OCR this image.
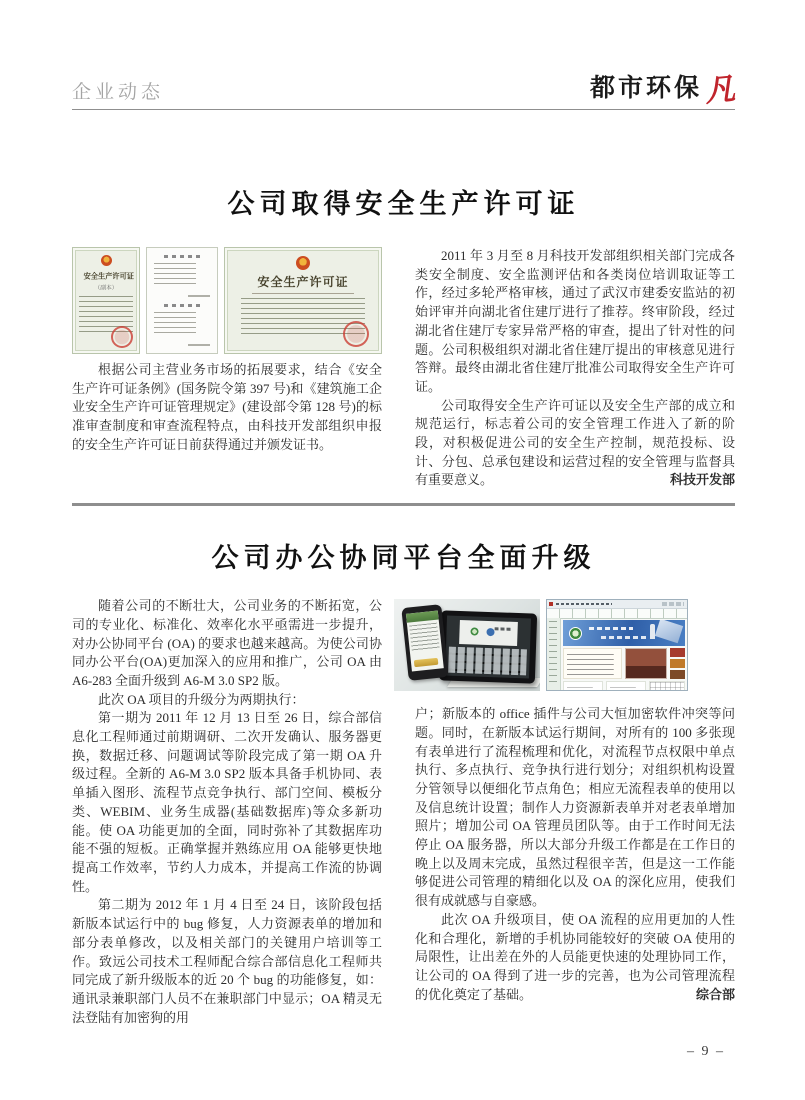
企业动态	都市环保 凡
公司取得安全生产许可证
安全生产许可证
（副本）	安全生产许可证

根据公司主营业务市场的拓展要求，结合《安全生产许可证条例》(国务院令第 397 号)和《建筑施工企业安全生产许可证管理规定》(建设部令第 128 号)的标准审查制度和审查流程特点，由科技开发部组织申报的安全生产许可证日前获得通过并颁发证书。

2011 年 3 月至 8 月科技开发部组织相关部门完成各类安全制度、安全监测评估和各类岗位培训取证等工作，经过多轮严格审核，通过了武汉市建委安监站的初始评审并向湖北省住建厅进行了推荐。终审阶段，经过湖北省住建厅专家异常严格的审查，提出了针对性的问题。公司积极组织对湖北省住建厅提出的审核意见进行答辩。最终由湖北省住建厅批准公司取得安全生产许可证。

公司取得安全生产许可证以及安全生产部的成立和规范运行，标志着公司的安全管理工作进入了新的阶段，对积极促进公司的安全生产控制，规范投标、设计、分包、总承包建设和运营过程的安全管理与监督具有重要意义。	科技开发部

公司办公协同平台全面升级

随着公司的不断壮大，公司业务的不断拓宽，公司的专业化、标准化、效率化水平亟需进一步提升，对办公协同平台 (OA) 的要求也越来越高。为使公司协同办公平台(OA)更加深入的应用和推广，公司 OA 由 A6-283 全面升级到 A6-M 3.0 SP2 版。

此次 OA 项目的升级分为两期执行：

第一期为 2011 年 12 月 13 日至 26 日，综合部信息化工程师通过前期调研、二次开发确认、服务器更换，数据迁移、问题调试等阶段完成了第一期 OA 升级过程。全新的 A6-M 3.0 SP2 版本具备手机协同、表单插入图形、流程节点竞争执行、部门空间、模板分类、WEBIM、业务生成器(基础数据库)等众多新功能。使 OA 功能更加的全面，同时弥补了其数据库功能不强的短板。正确掌握并熟练应用 OA 能够更快地提高工作效率，节约人力成本，并提高工作流的协调性。

第二期为 2012 年 1 月 4 日至 24 日，该阶段包括新版本试运行中的 bug 修复，人力资源表单的增加和部分表单修改，以及相关部门的关键用户培训等工作。致远公司技术工程师配合综合部信息化工程师共同完成了新升级版本的近 20 个 bug 的功能修复，如：通讯录兼职部门人员不在兼职部门中显示；OA 精灵无法登陆有加密狗的用

户；新版本的 office 插件与公司大恒加密软件冲突等问题。同时，在新版本试运行期间，对所有的 100 多张现有表单进行了流程梳理和优化，对流程节点权限中单点执行、多点执行、竞争执行进行划分；对组织机构设置分管领导以便细化节点角色；相应无流程表单的使用以及信息统计设置；制作人力资源新表单并对老表单增加照片；增加公司 OA 管理员团队等。由于工作时间无法停止 OA 服务器，所以大部分升级工作都是在工作日的晚上以及周末完成，虽然过程很辛苦，但是这一工作能够促进公司管理的精细化以及 OA 的深化应用，使我们很有成就感与自豪感。

此次 OA 升级项目，使 OA 流程的应用更加的人性化和合理化，新增的手机协同能较好的突破 OA 使用的局限性，让出差在外的人员能更快速的处理协同工作，让公司的 OA 得到了进一步的完善，也为公司管理流程的优化奠定了基础。	综合部

– 9 –
